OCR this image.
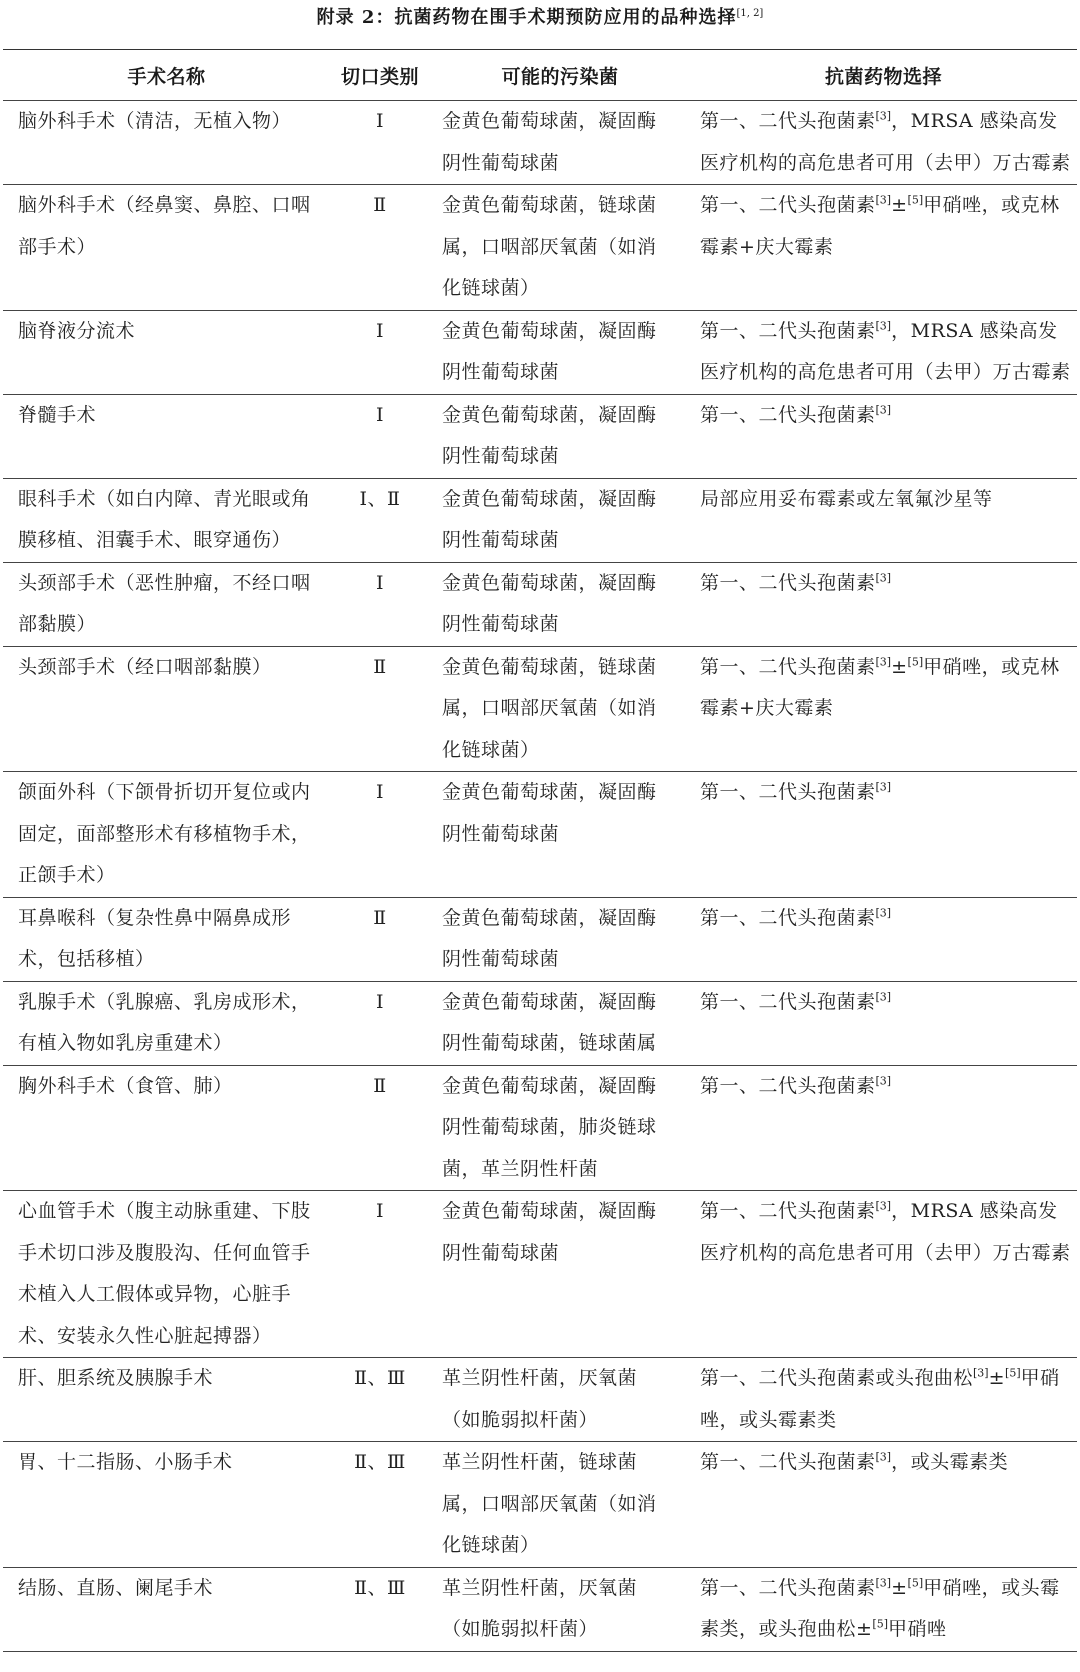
附录 2：抗菌药物在围手术期预防应用的品种选择[1, 2]
手术名称	切口类别	可能的污染菌	抗菌药物选择
脑外科手术（清洁，无植入物）	Ⅰ	金黄色葡萄球菌，凝固酶阴性葡萄球菌	第一、二代头孢菌素[3]，MRSA 感染高发医疗机构的高危患者可用（去甲）万古霉素
脑外科手术（经鼻窦、鼻腔、口咽部手术）	Ⅱ	金黄色葡萄球菌，链球菌属，口咽部厌氧菌（如消化链球菌）	第一、二代头孢菌素[3]±[5]甲硝唑，或克林霉素+庆大霉素
脑脊液分流术	Ⅰ	金黄色葡萄球菌，凝固酶阴性葡萄球菌	第一、二代头孢菌素[3]，MRSA 感染高发医疗机构的高危患者可用（去甲）万古霉素
脊髓手术	Ⅰ	金黄色葡萄球菌，凝固酶阴性葡萄球菌	第一、二代头孢菌素[3]
眼科手术（如白内障、青光眼或角膜移植、泪囊手术、眼穿通伤）	Ⅰ、Ⅱ	金黄色葡萄球菌，凝固酶阴性葡萄球菌	局部应用妥布霉素或左氧氟沙星等
头颈部手术（恶性肿瘤，不经口咽部黏膜）	Ⅰ	金黄色葡萄球菌，凝固酶阴性葡萄球菌	第一、二代头孢菌素[3]
头颈部手术（经口咽部黏膜）	Ⅱ	金黄色葡萄球菌，链球菌属，口咽部厌氧菌（如消化链球菌）	第一、二代头孢菌素[3]±[5]甲硝唑，或克林霉素+庆大霉素
颌面外科（下颌骨折切开复位或内固定，面部整形术有移植物手术，正颌手术）	Ⅰ	金黄色葡萄球菌，凝固酶阴性葡萄球菌	第一、二代头孢菌素[3]
耳鼻喉科（复杂性鼻中隔鼻成形术，包括移植）	Ⅱ	金黄色葡萄球菌，凝固酶阴性葡萄球菌	第一、二代头孢菌素[3]
乳腺手术（乳腺癌、乳房成形术，有植入物如乳房重建术）	Ⅰ	金黄色葡萄球菌，凝固酶阴性葡萄球菌，链球菌属	第一、二代头孢菌素[3]
胸外科手术（食管、肺）	Ⅱ	金黄色葡萄球菌，凝固酶阴性葡萄球菌，肺炎链球菌，革兰阴性杆菌	第一、二代头孢菌素[3]
心血管手术（腹主动脉重建、下肢手术切口涉及腹股沟、任何血管手术植入人工假体或异物，心脏手术、安装永久性心脏起搏器）	Ⅰ	金黄色葡萄球菌，凝固酶阴性葡萄球菌	第一、二代头孢菌素[3]，MRSA 感染高发医疗机构的高危患者可用（去甲）万古霉素
肝、胆系统及胰腺手术	Ⅱ、Ⅲ	革兰阴性杆菌，厌氧菌（如脆弱拟杆菌）	第一、二代头孢菌素或头孢曲松[3]±[5]甲硝唑，或头霉素类
胃、十二指肠、小肠手术	Ⅱ、Ⅲ	革兰阴性杆菌，链球菌属，口咽部厌氧菌（如消化链球菌）	第一、二代头孢菌素[3]，或头霉素类
结肠、直肠、阑尾手术	Ⅱ、Ⅲ	革兰阴性杆菌，厌氧菌（如脆弱拟杆菌）	第一、二代头孢菌素[3]±[5]甲硝唑，或头霉素类，或头孢曲松±[5]甲硝唑
